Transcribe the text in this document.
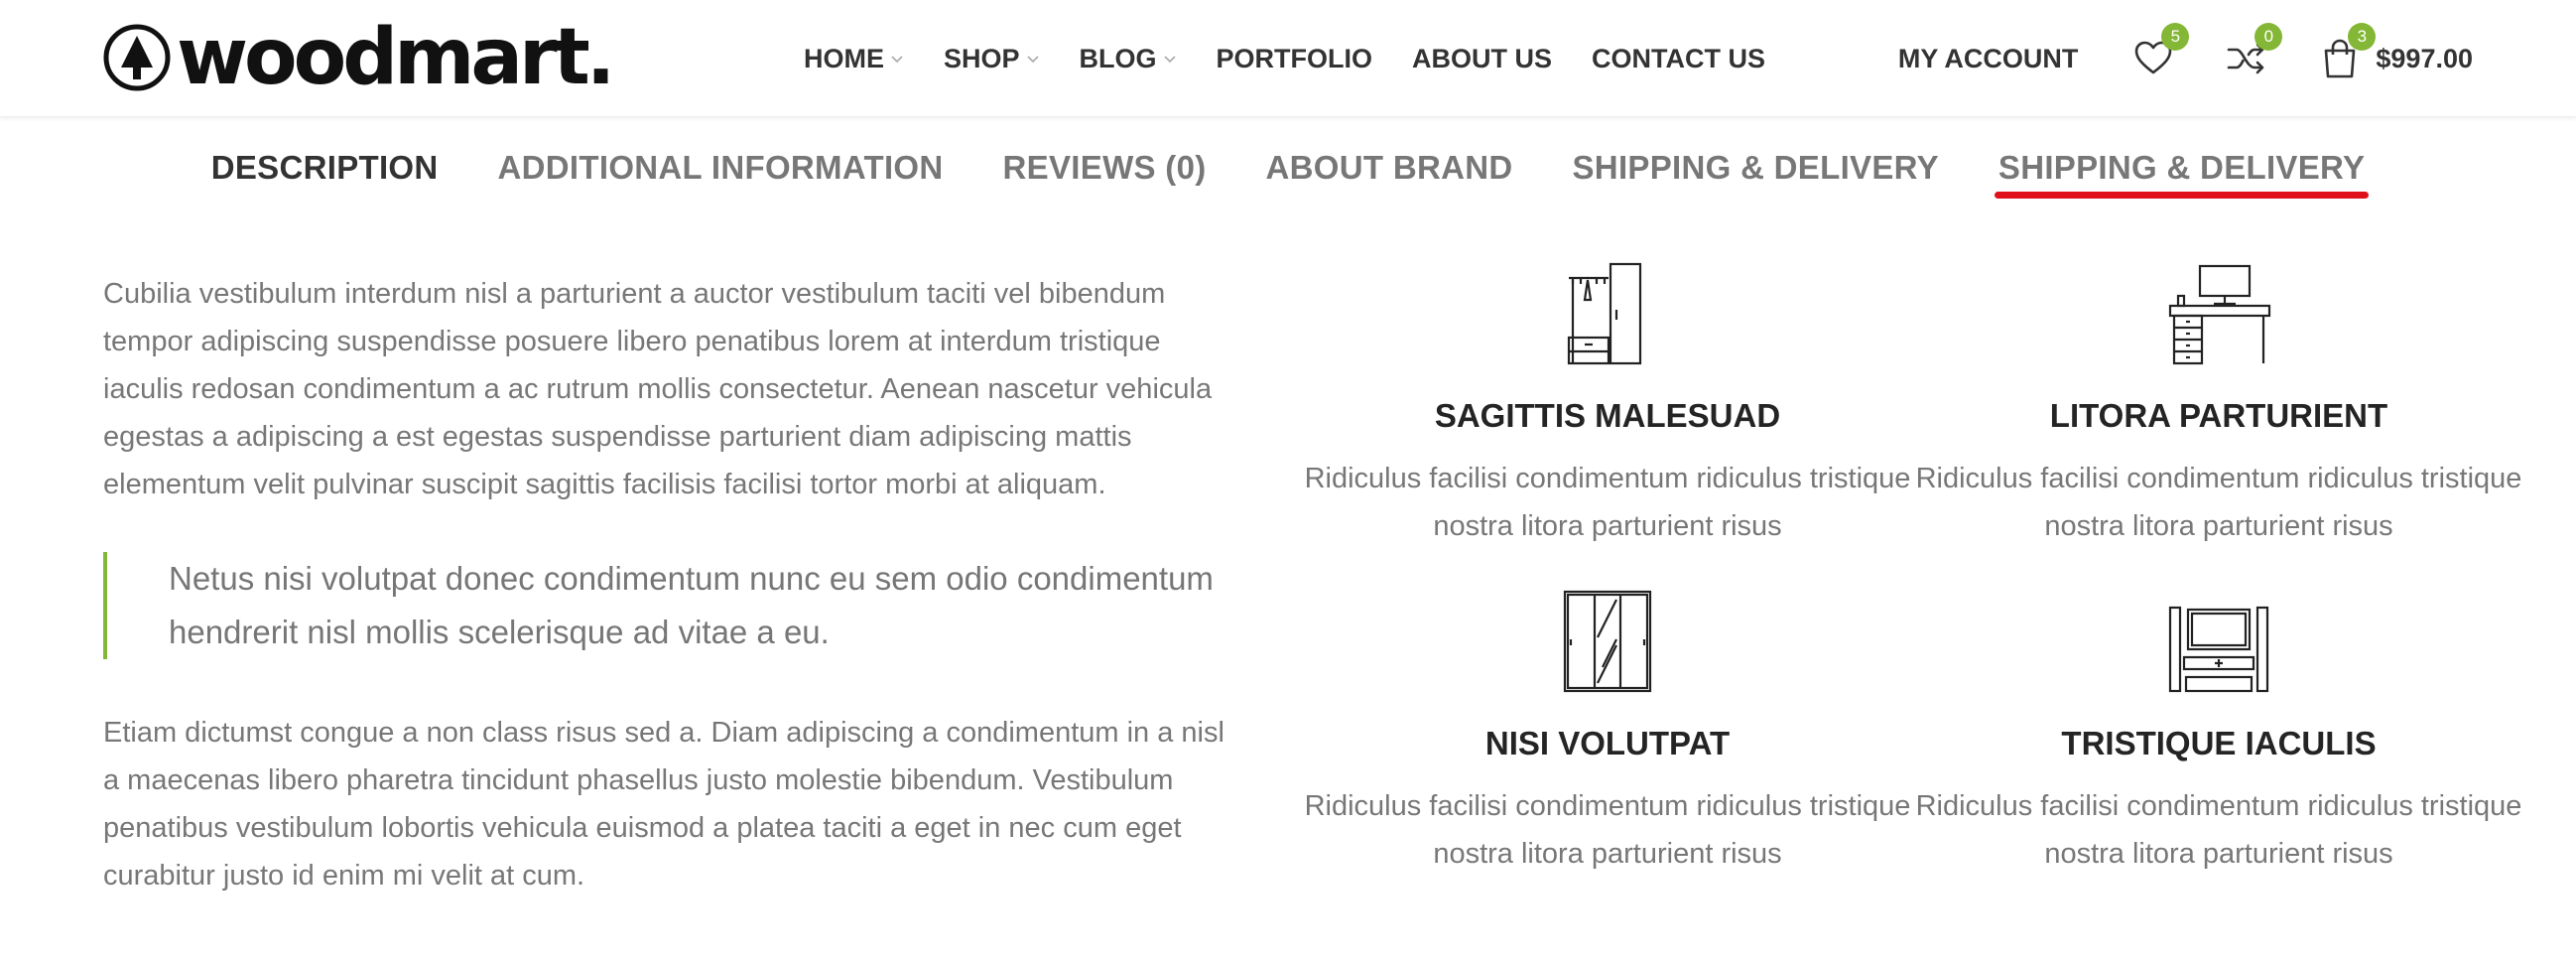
woodmart.	HOME SHOP BLOG PORTFOLIO ABOUT US CONTACT US	MY ACCOUNT
5	0	3
$997.00
DESCRIPTION ADDITIONAL INFORMATION REVIEWS (0) ABOUT BRAND SHIPPING & DELIVERY SHIPPING & DELIVERY

Cubilia vestibulum interdum nisl a parturient a auctor vestibulum taciti vel bibendum tempor adipiscing suspendisse posuere libero penatibus lorem at interdum tristique iaculis redosan condimentum a ac rutrum mollis consectetur. Aenean nascetur vehicula egestas a adipiscing a est egestas suspendisse parturient diam adipiscing mattis elementum velit pulvinar suscipit sagittis facilisis facilisi tortor morbi at aliquam.

Netus nisi volutpat donec condimentum nunc eu sem odio condimentum hendrerit nisl mollis scelerisque ad vitae a eu.

Etiam dictumst congue a non class risus sed a. Diam adipiscing a condimentum in a nisl a maecenas libero pharetra tincidunt phasellus justo molestie bibendum. Vestibulum penatibus vestibulum lobortis vehicula euismod a platea taciti a eget in nec cum eget curabitur justo id enim mi velit at cum.

SAGITTIS MALESUAD
Ridiculus facilisi condimentum ridiculus tristique nostra litora parturient risus
LITORA PARTURIENT
Ridiculus facilisi condimentum ridiculus tristique nostra litora parturient risus
NISI VOLUTPAT
Ridiculus facilisi condimentum ridiculus tristique nostra litora parturient risus
TRISTIQUE IACULIS
Ridiculus facilisi condimentum ridiculus tristique nostra litora parturient risus
